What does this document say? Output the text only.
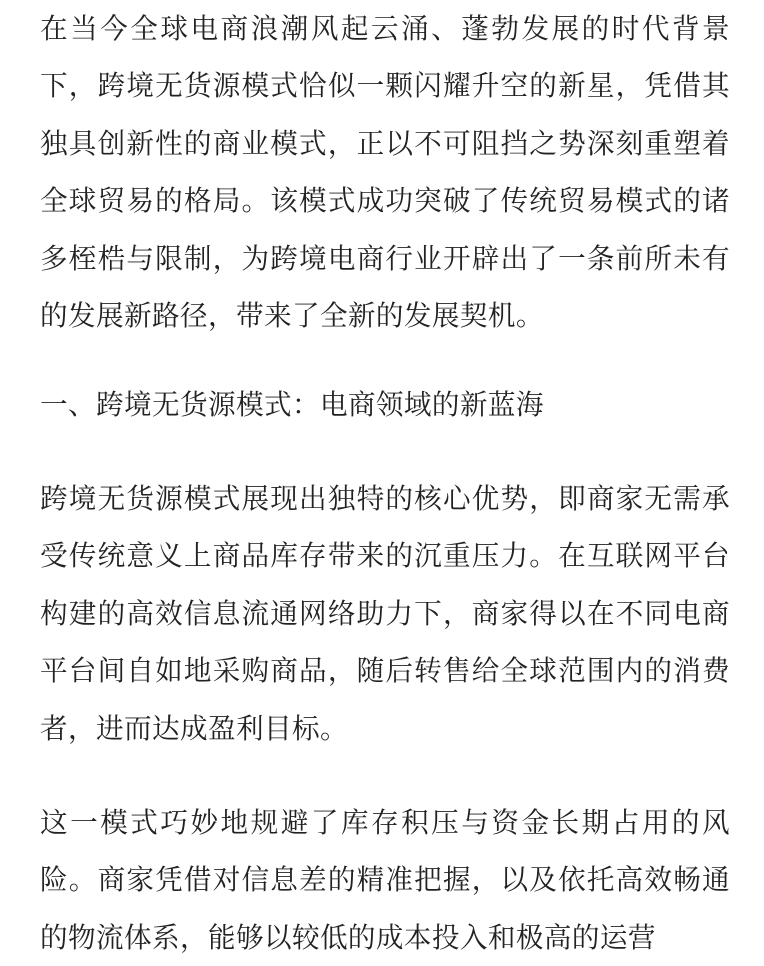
在当今全球电商浪潮风起云涌、蓬勃发展的时代背景下，跨境无货源模式恰似一颗闪耀升空的新星，凭借其独具创新性的商业模式，正以不可阻挡之势深刻重塑着全球贸易的格局。该模式成功突破了传统贸易模式的诸多桎梏与限制，为跨境电商行业开辟出了一条前所未有的发展新路径，带来了全新的发展契机。

一、跨境无货源模式：电商领域的新蓝海

跨境无货源模式展现出独特的核心优势，即商家无需承受传统意义上商品库存带来的沉重压力。在互联网平台构建的高效信息流通网络助力下，商家得以在不同电商平台间自如地采购商品，随后转售给全球范围内的消费者，进而达成盈利目标。

这一模式巧妙地规避了库存积压与资金长期占用的风险。商家凭借对信息差的精准把握，以及依托高效畅通的物流体系，能够以较低的成本投入和极高的运营
